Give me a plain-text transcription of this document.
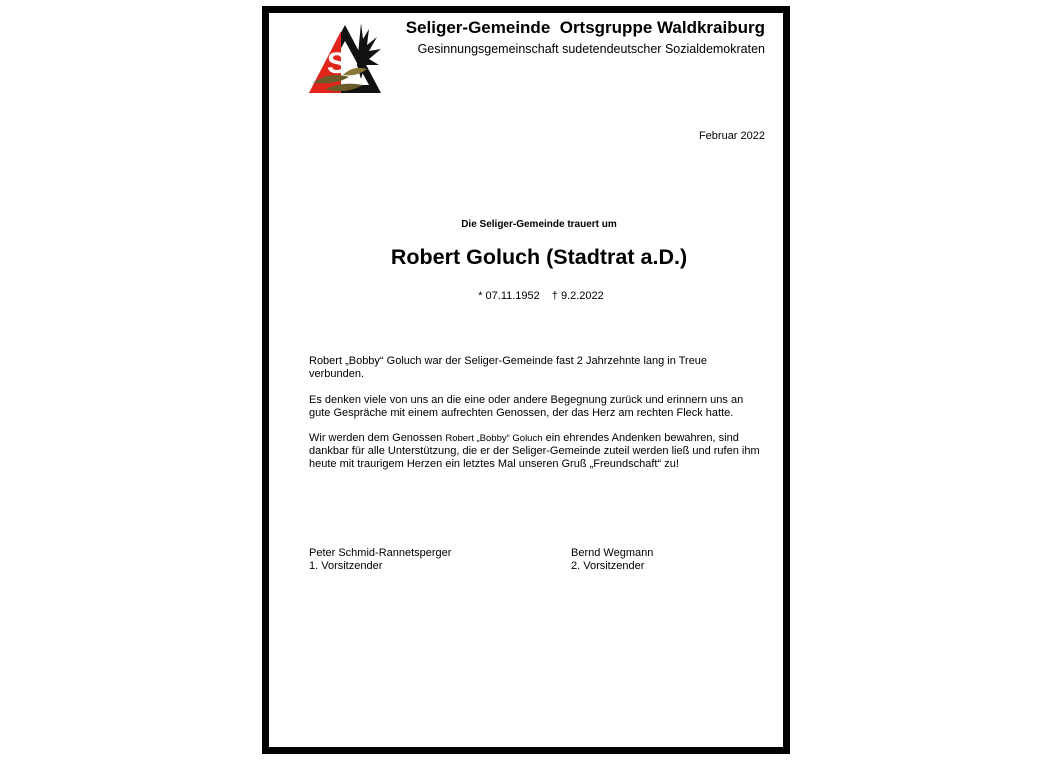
S
Seliger-Gemeinde  Ortsgruppe Waldkraiburg
Gesinnungsgemeinschaft sudetendeutscher Sozialdemokraten
Februar 2022
Die Seliger-Gemeinde trauert um
Robert Goluch (Stadtrat a.D.)
* 07.11.1952 † 9.2.2022
Robert „Bobby“ Goluch war der Seliger-Gemeinde fast 2 Jahrzehnte lang in Treue verbunden.
Es denken viele von uns an die eine oder andere Begegnung zurück und erinnern uns an gute Gespräche mit einem aufrechten Genossen, der das Herz am rechten Fleck hatte.
Wir werden dem Genossen Robert „Bobby“ Goluch ein ehrendes Andenken bewahren, sind dankbar für alle Unterstützung, die er der Seliger-Gemeinde zuteil werden ließ und rufen ihm heute mit traurigem Herzen ein letztes Mal unseren Gruß „Freundschaft“ zu!
Peter Schmid-Rannetsperger
1. Vorsitzender
Bernd Wegmann
2. Vorsitzender
